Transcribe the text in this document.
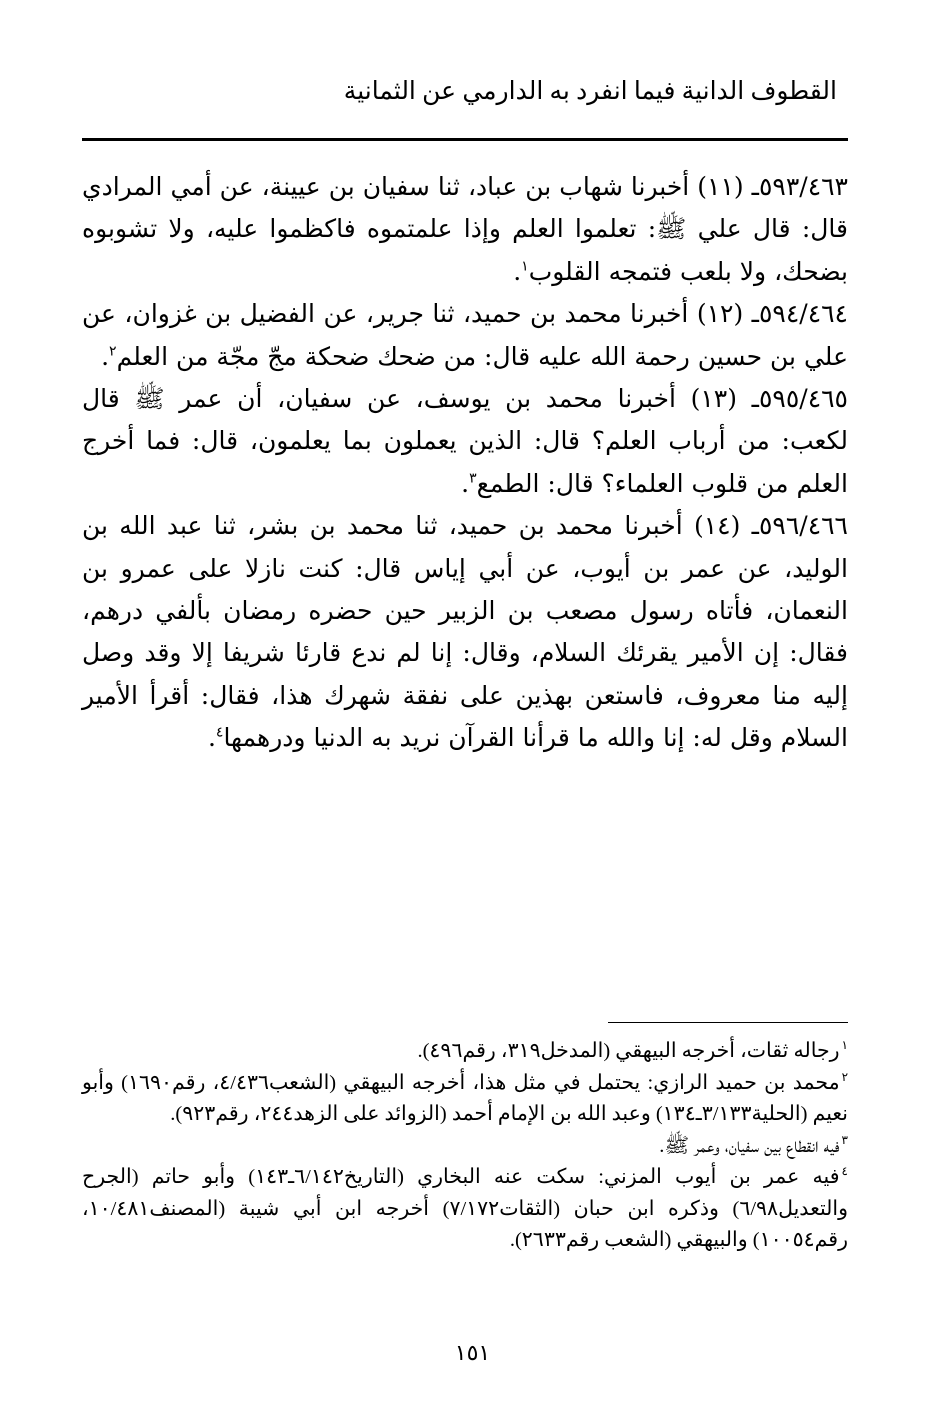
القطوف الدانية فيما انفرد به الدارمي عن الثمانية

٥٩٣/٤٦٣ـ (١١) أخبرنا شهاب بن عباد، ثنا سفيان بن عيينة، عن أمي المرادي قال: قال علي ﷺ: تعلموا العلم وإذا علمتموه فاكظموا عليه، ولا تشوبوه بضحك، ولا بلعب فتمجه القلوب$^١$.

٥٩٤/٤٦٤ـ (١٢) أخبرنا محمد بن حميد، ثنا جرير، عن الفضيل بن غزوان، عن علي بن حسين رحمة الله عليه قال: من ضحك ضحكة مجّ مجّة من العلم$^٢$.

٥٩٥/٤٦٥ـ (١٣) أخبرنا محمد بن يوسف، عن سفيان، أن عمر ﷺ قال لكعب: من أرباب العلم؟ قال: الذين يعملون بما يعلمون، قال: فما أخرج العلم من قلوب العلماء؟ قال: الطمع$^٣$.

٥٩٦/٤٦٦ـ (١٤) أخبرنا محمد بن حميد، ثنا محمد بن بشر، ثنا عبد الله بن الوليد، عن عمر بن أيوب، عن أبي إياس قال: كنت نازلا على عمرو بن النعمان، فأتاه رسول مصعب بن الزبير حين حضره رمضان بألفي درهم، فقال: إن الأمير يقرئك السلام، وقال: إنا لم ندع قارئا شريفا إلا وقد وصل إليه منا معروف، فاستعن بهذين على نفقة شهرك هذا، فقال: أقرأ الأمير السلام وقل له: إنا والله ما قرأنا القرآن نريد به الدنيا ودرهمها$^٤$.

$^١$رجاله ثقات، أخرجه البيهقي (المدخل٣١٩، رقم٤٩٦).

$^٢$محمد بن حميد الرازي: يحتمل في مثل هذا، أخرجه البيهقي (الشعب٤/٤٣٦، رقم١٦٩٠) وأبو نعيم (الحلية٣/١٣٣ـ١٣٤) وعبد الله بن الإمام أحمد (الزوائد على الزهد٢٤٤، رقم٩٢٣).

$^٣$فيه انقطاع بين سفيان، وعمر ﷺ.

$^٤$فيه عمر بن أيوب المزني: سكت عنه البخاري (التاريخ٦/١٤٢ـ١٤٣) وأبو حاتم (الجرح والتعديل٦/٩٨) وذكره ابن حبان (الثقات٧/١٧٢) أخرجه ابن أبي شيبة (المصنف١٠/٤٨١، رقم١٠٠٥٤) والبيهقي (الشعب رقم٢٦٣٣).

١٥١
